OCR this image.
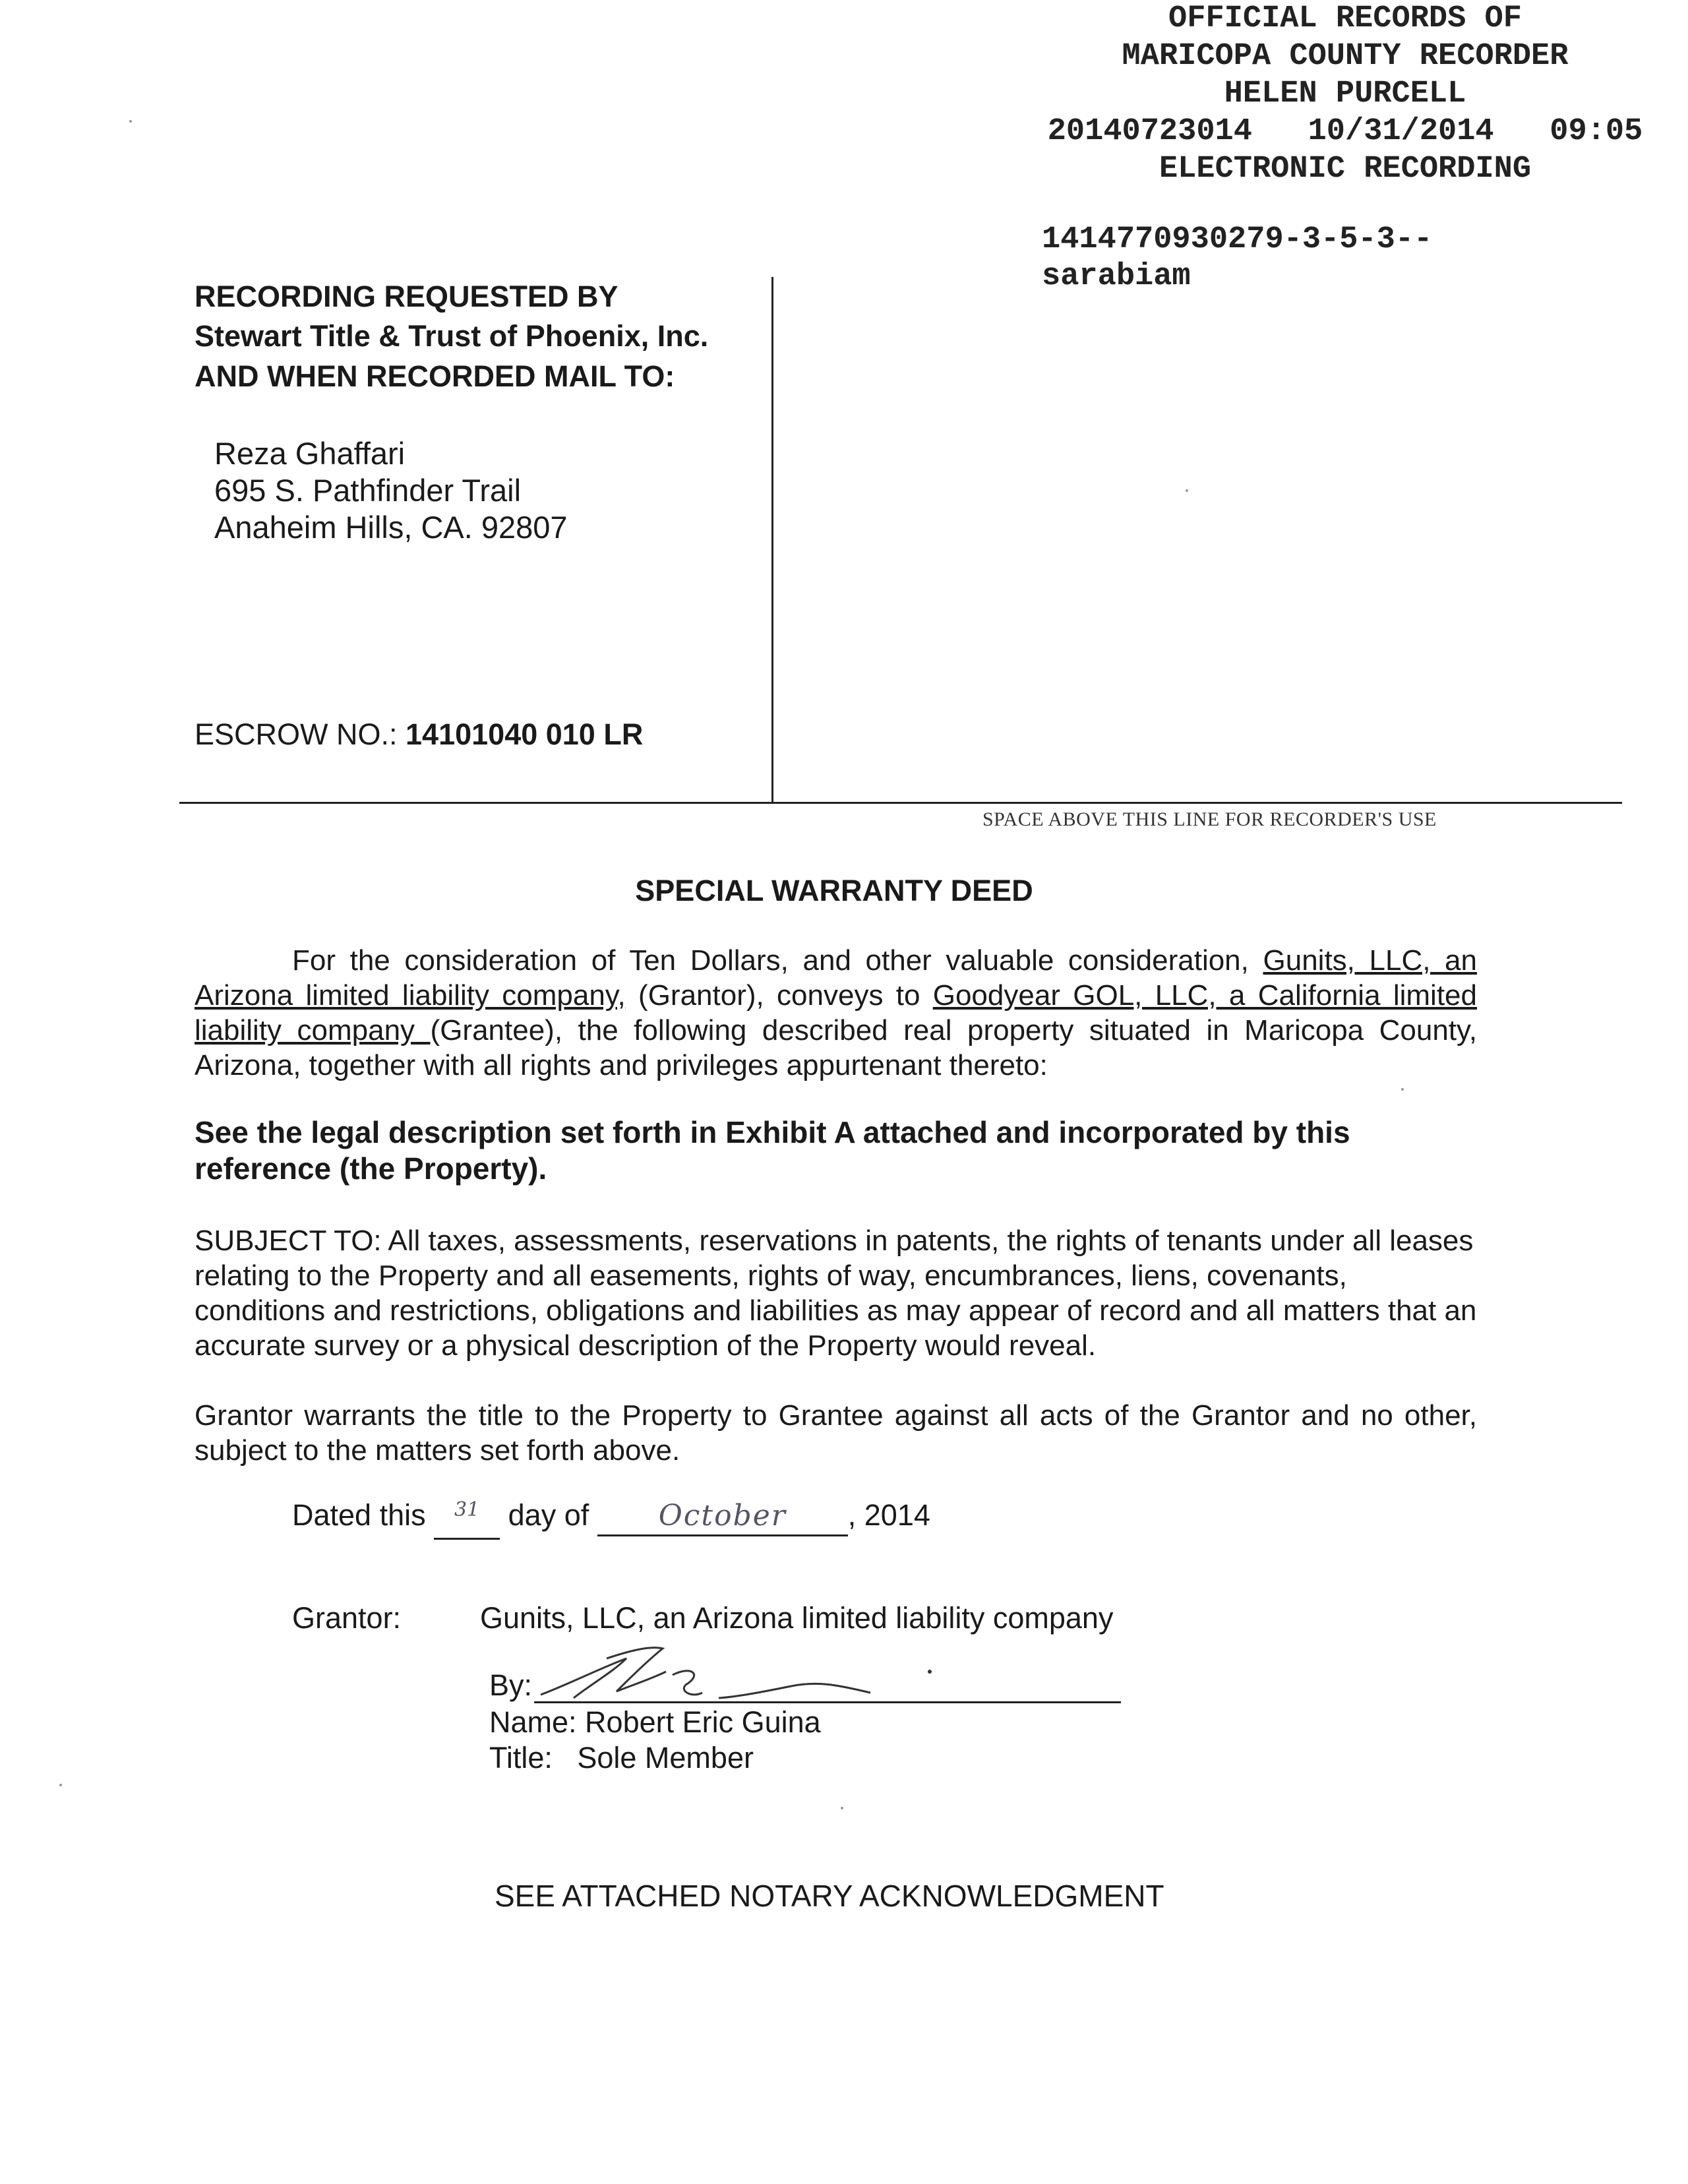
OFFICIAL RECORDS OF
MARICOPA COUNTY RECORDER
HELEN PURCELL
20140723014 10/31/2014 09:05
ELECTRONIC RECORDING
1414770930279-3-5-3--
sarabiam
RECORDING REQUESTED BY
Stewart Title & Trust of Phoenix, Inc.
AND WHEN RECORDED MAIL TO:
Reza Ghaffari
695 S. Pathfinder Trail
Anaheim Hills, CA. 92807
ESCROW NO.: 14101040 010 LR
SPACE ABOVE THIS LINE FOR RECORDER'S USE
SPECIAL WARRANTY DEED
For the consideration of Ten Dollars, and other valuable consideration, Gunits, LLC, an Arizona limited liability company, (Grantor), conveys to Goodyear GOL, LLC, a California limited liability company (Grantee), the following described real property situated in Maricopa County, Arizona, together with all rights and privileges appurtenant thereto:
See the legal description set forth in Exhibit A attached and incorporated by this reference (the Property).
SUBJECT TO: All taxes, assessments, reservations in patents, the rights of tenants under all leases relating to the Property and all easements, rights of way, encumbrances, liens, covenants, conditions and restrictions, obligations and liabilities as may appear of record and all matters that an accurate survey or a physical description of the Property would reveal.
Grantor warrants the title to the Property to Grantee against all acts of the Grantor and no other, subject to the matters set forth above.
Dated this $^{31}$ day of October , 2014
Grantor:	Gunits, LLC, an Arizona limited liability company
By:
Name: Robert Eric Guina
Title:   Sole Member
SEE ATTACHED NOTARY ACKNOWLEDGMENT
